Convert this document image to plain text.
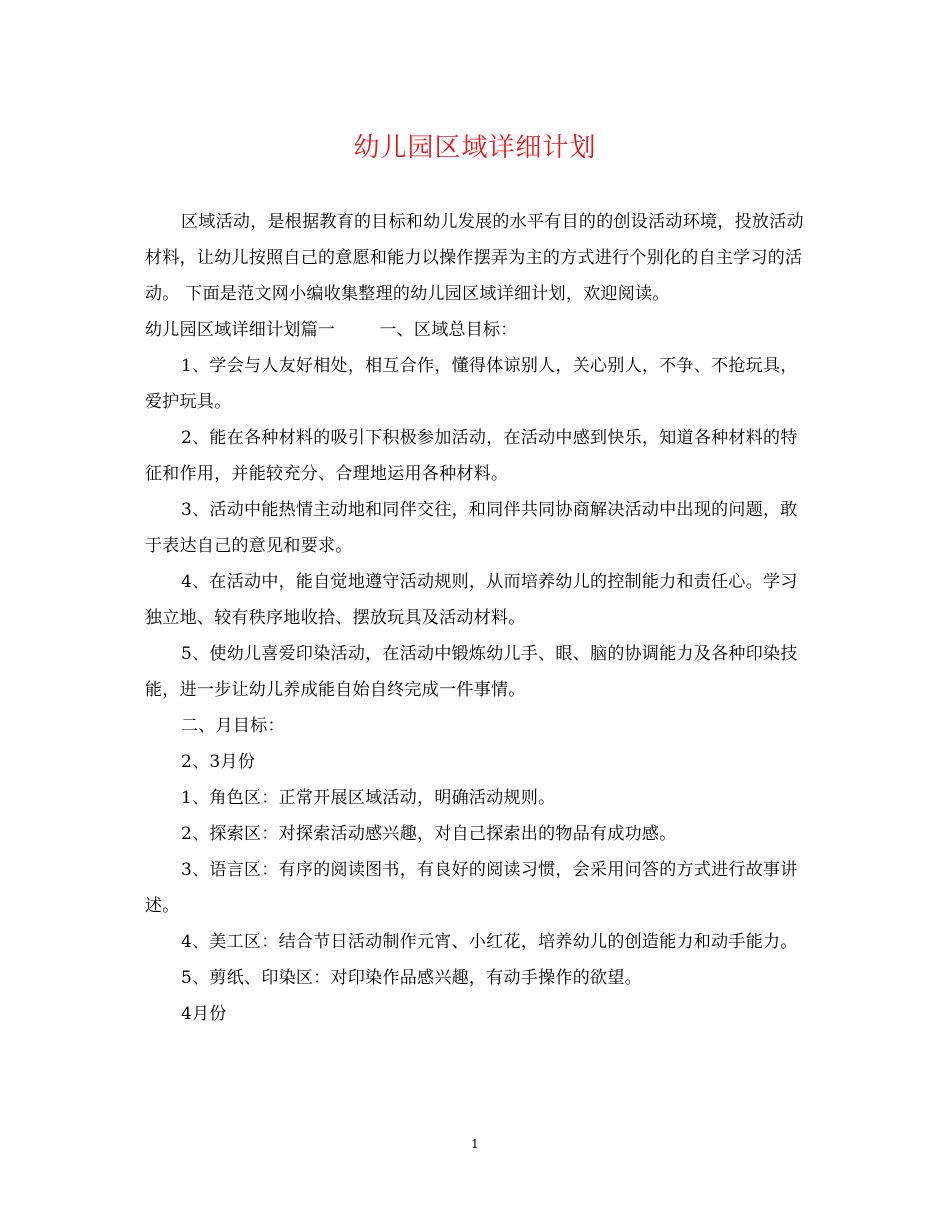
幼儿园区域详细计划

区域活动，是根据教育的目标和幼儿发展的水平有目的的创设活动环境，投放活动材料，让幼儿按照自己的意愿和能力以操作摆弄为主的方式进行个别化的自主学习的活动。 下面是范文网小编收集整理的幼儿园区域详细计划，欢迎阅读。

幼儿园区域详细计划篇一	一、区域总目标：

1、学会与人友好相处，相互合作，懂得体谅别人，关心别人，不争、不抢玩具，爱护玩具。

2、能在各种材料的吸引下积极参加活动，在活动中感到快乐，知道各种材料的特征和作用，并能较充分、合理地运用各种材料。

3、活动中能热情主动地和同伴交往，和同伴共同协商解决活动中出现的问题，敢于表达自己的意见和要求。

4、在活动中，能自觉地遵守活动规则，从而培养幼儿的控制能力和责任心。学习独立地、较有秩序地收拾、摆放玩具及活动材料。

5、使幼儿喜爱印染活动，在活动中锻炼幼儿手、眼、脑的协调能力及各种印染技能，进一步让幼儿养成能自始自终完成一件事情。

二、月目标：

2、3月份

1、角色区：正常开展区域活动，明确活动规则。

2、探索区：对探索活动感兴趣，对自己探索出的物品有成功感。

3、语言区：有序的阅读图书，有良好的阅读习惯，会采用问答的方式进行故事讲述。

4、美工区：结合节日活动制作元宵、小红花，培养幼儿的创造能力和动手能力。

5、剪纸、印染区：对印染作品感兴趣，有动手操作的欲望。

4月份

1
